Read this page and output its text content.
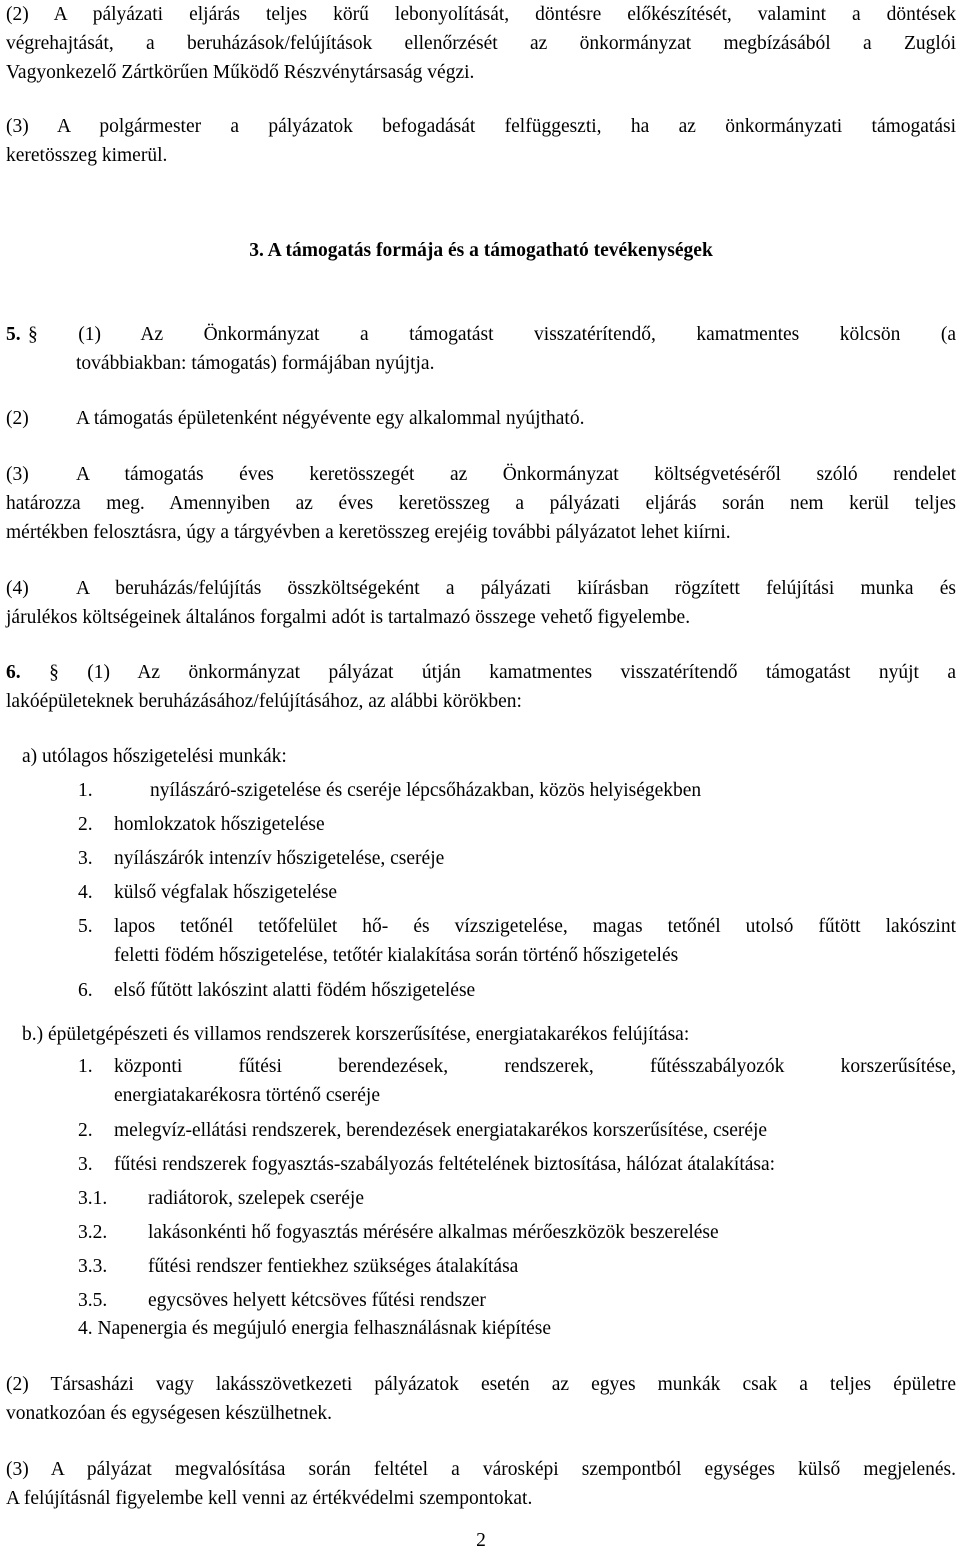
(2) A pályázati eljárás teljes körű lebonyolítását, döntésre előkészítését, valamint a döntések
végrehajtását, a beruházások/felújítások ellenőrzését az önkormányzat megbízásából a Zuglói
Vagyonkezelő Zártkörűen Működő Részvénytársaság végzi.

(3) A polgármester a pályázatok befogadását felfüggeszti, ha az önkormányzati támogatási
keretösszeg kimerül.

3. A támogatás formája és a támogatható tevékenységek
5. § (1) Az Önkormányzat a támogatást visszatérítendő, kamatmentes kölcsön (a
továbbiakban: támogatás) formájában nyújtja.

(2) A támogatás épületenként négyévente egy alkalommal nyújtható.

(3) A támogatás éves keretösszegét az Önkormányzat költségvetéséről szóló rendelet
határozza meg. Amennyiben az éves keretösszeg a pályázati eljárás során nem kerül teljes
mértékben felosztásra, úgy a tárgyévben a keretösszeg erejéig további pályázatot lehet kiírni.

(4) A beruházás/felújítás összköltségeként a pályázati kiírásban rögzített felújítási munka és
járulékos költségeinek általános forgalmi adót is tartalmazó összege vehető figyelembe.

6. § (1) Az önkormányzat pályázat útján kamatmentes visszatérítendő támogatást nyújt a
lakóépületeknek beruházásához/felújításához, az alábbi körökben:

a) utólagos hőszigetelési munkák:
1.	nyílászáró-szigetelése és cseréje lépcsőházakban, közös helyiségekben
2. homlokzatok hőszigetelése
3. nyílászárók intenzív hőszigetelése, cseréje
4. külső végfalak hőszigetelése
5. lapos tetőnél tetőfelület hő- és vízszigetelése, magas tetőnél utolsó fűtött lakószint
feletti födém hőszigetelése, tetőtér kialakítása során történő hőszigetelés
6. első fűtött lakószint alatti födém hőszigetelése
b.) épületgépészeti és villamos rendszerek korszerűsítése, energiatakarékos felújítása:
1. központi fűtési berendezések, rendszerek, fűtésszabályozók korszerűsítése,
energiatakarékosra történő cseréje
2. melegvíz-ellátási rendszerek, berendezések energiatakarékos korszerűsítése, cseréje
3. fűtési rendszerek fogyasztás-szabályozás feltételének biztosítása, hálózat átalakítása:
3.1. radiátorok, szelepek cseréje
3.2. lakásonkénti hő fogyasztás mérésére alkalmas mérőeszközök beszerelése
3.3. fűtési rendszer fentiekhez szükséges átalakítása
3.5. egycsöves helyett kétcsöves fűtési rendszer
4. Napenergia és megújuló energia felhasználásnak kiépítése

(2) Társasházi vagy lakásszövetkezeti pályázatok esetén az egyes munkák csak a teljes épületre
vonatkozóan és egységesen készülhetnek.

(3) A pályázat megvalósítása során feltétel a városképi szempontból egységes külső megjelenés.
A felújításnál figyelembe kell venni az értékvédelmi szempontokat.

2
